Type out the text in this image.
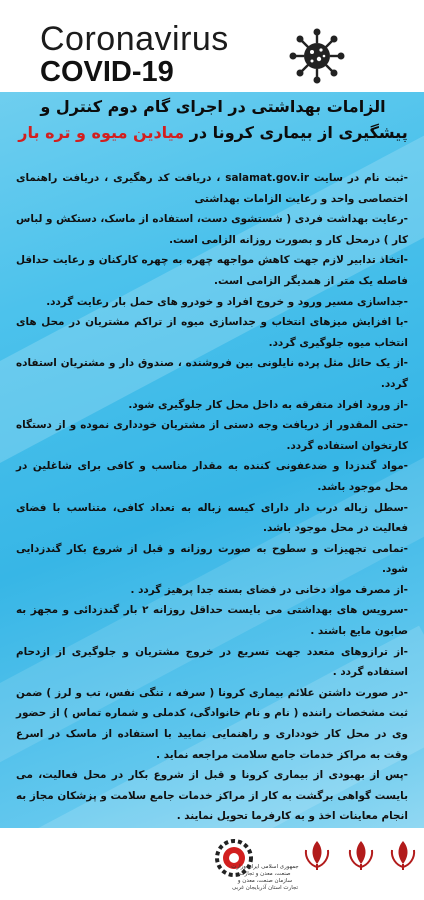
Coronavirus
COVID-19
الزامات بهداشتی در اجرای گام دوم کنترل و
پیشگیری از بیماری کرونا در میادین میوه و تره بار

-ثبت نام در سایت salamat.gov.ir ، دریافت کد رهگیری ، دریافت راهنمای اختصاصی واحد و رعایت الزامات بهداشتی

-رعایت بهداشت فردی ( شستشوی دست، استفاده از ماسک، دستکش و لباس کار ) درمحل کار و بصورت روزانه الزامی است.

-اتخاذ تدابیر لازم جهت کاهش مواجهه چهره به چهره کارکنان و رعایت حداقل فاصله یک متر از همدیگر الزامی است.

-جداسازی مسیر ورود و خروج افراد و خودرو های حمل بار رعایت گردد.

-با افزایش میزهای انتخاب و جداسازی میوه از تراکم مشتریان در محل های انتخاب میوه جلوگیری گردد.

-از یک حائل مثل پرده نایلونی بین فروشنده ، صندوق دار و مشتریان استفاده گردد.

-از ورود افراد متفرقه به داخل محل کار جلوگیری شود.

-حتی المقدور از دریافت وجه دستی از مشتریان خودداری نموده و از دستگاه کارتخوان استفاده گردد.

-مواد گندزدا و ضدعفونی کننده به مقدار مناسب و کافی برای شاغلین در محل موجود باشد.

-سطل زباله درب دار دارای کیسه زباله به تعداد کافی، متناسب با فضای فعالیت در محل موجود باشد.

-تمامی تجهیزات و سطوح به صورت روزانه و قبل از شروع بکار گندزدایی شود.

-از مصرف مواد دخانی در فضای بسته جدا پرهیز گردد .

-سرویس های بهداشتی می بایست حداقل روزانه ۲ بار گندزدائی و مجهز به صابون مایع باشند .

-از ترازوهای متعدد جهت تسریع در خروج مشتریان و جلوگیری از ازدحام استفاده گردد .

-در صورت داشتن علائم بیماری کرونا ( سرفه ، تنگی نفس، تب و لرز ) ضمن ثبت مشخصات راننده ( نام و نام خانوادگی، کدملی و شماره تماس ) از حضور وی در محل کار خودداری و راهنمایی نمایید با استفاده از ماسک در اسرع وقت به مراکز خدمات جامع سلامت مراجعه نماید .

-پس از بهبودی از بیماری کرونا و قبل از شروع بکار در محل فعالیت، می بایست گواهی برگشت به کار از مراکز خدمات جامع سلامت و پزشکان مجاز به انجام معاینات اخذ و به کارفرما تحویل نمایند .

جمهوری اسلامی ایران وزارت صنعت، معدن و تجارت سازمان صنعت، معدن و تجارت استان آذربایجان غربی
